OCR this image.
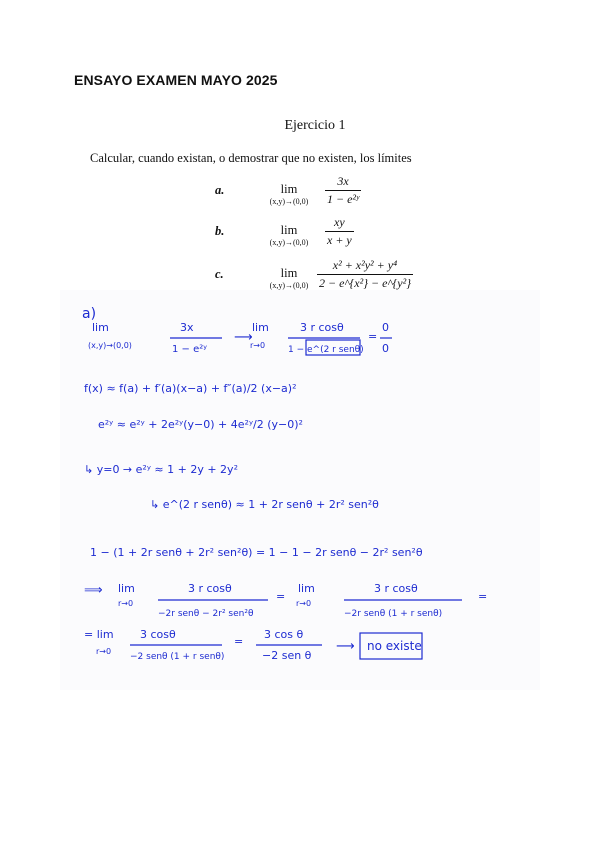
ENSAYO EXAMEN MAYO 2025
Ejercicio 1
Calcular, cuando existan, o demostrar que no existen, los límites
a.	lim
(x,y)→(0,0)
3x
1 − e²ʸ
b.	lim
(x,y)→(0,0)
xy
x + y
c.	lim
(x,y)→(0,0)
x² + x²y² + y⁴
2 − e^{x²} − e^{y²}
a)
lim
(x,y)→(0,0)
3x
1 − e²ʸ
⟶
lim
r→0
3 r cosθ
1 − e^(2 r senθ)
=
0
0
f(x) ≈ f(a) + f′(a)(x−a) + f″(a)/2 (x−a)²
e²ʸ ≈ e²ʸ + 2e²ʸ(y−0) + 4e²ʸ/2 (y−0)²
↳ y=0 → e²ʸ ≈ 1 + 2y + 2y²
↳ e^(2 r senθ) ≈ 1 + 2r senθ + 2r² sen²θ
1 − (1 + 2r senθ + 2r² sen²θ) = 1 − 1 − 2r senθ − 2r² sen²θ
⟹ lim
r→0
3 r cosθ
−2r senθ − 2r² sen²θ
=
lim
r→0
3 r cosθ
−2r senθ (1 + r senθ)
=
= lim
r→0
3 cosθ
−2 senθ (1 + r senθ)
=
3 cos θ
−2 sen θ
⟶ no existe
